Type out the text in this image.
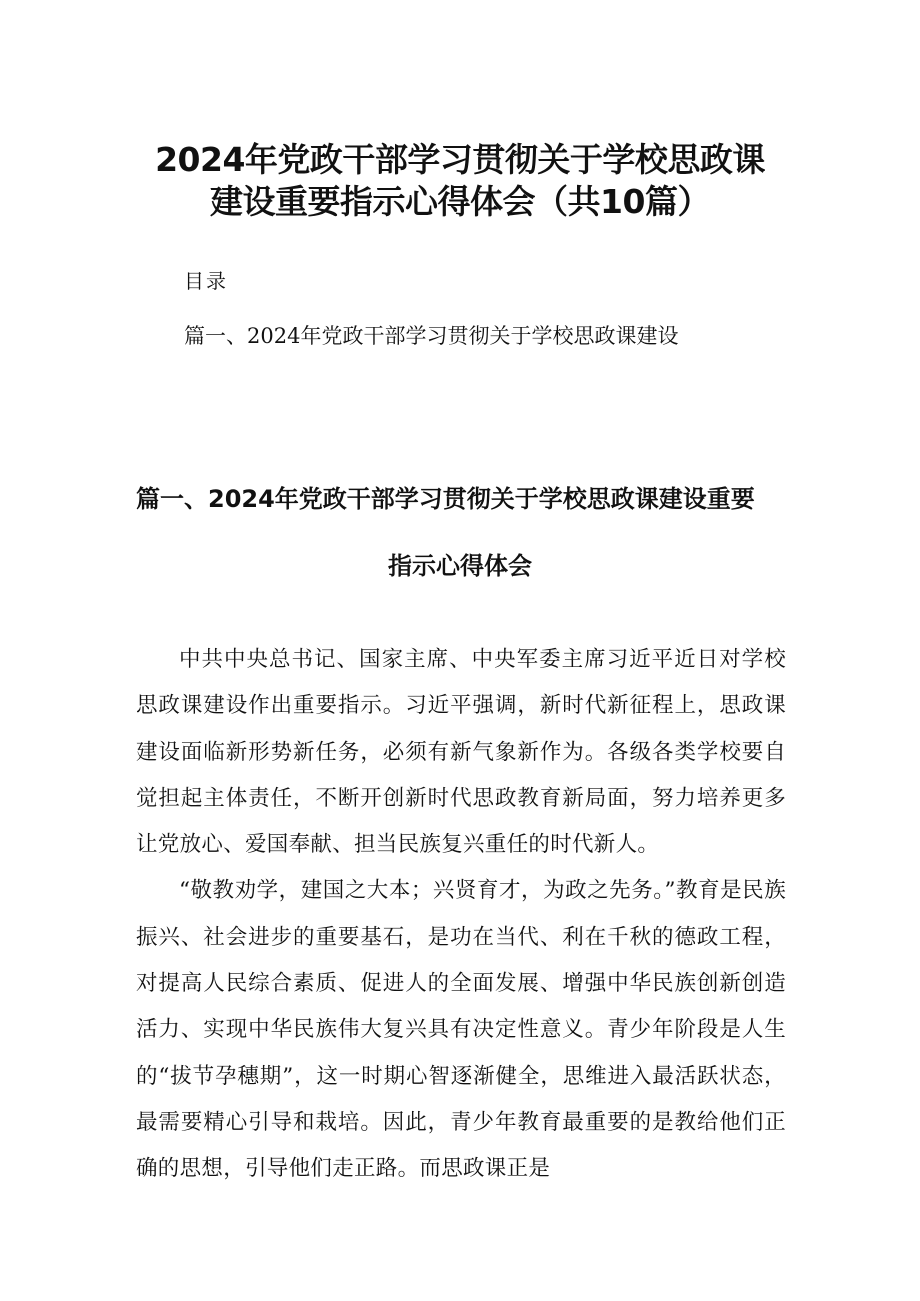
2024年党政干部学习贯彻关于学校思政课
建设重要指示心得体会（共10篇）
目录
篇一、2024年党政干部学习贯彻关于学校思政课建设
篇一、2024年党政干部学习贯彻关于学校思政课建设重要
指示心得体会

中共中央总书记、国家主席、中央军委主席习近平近日对学校思政课建设作出重要指示。习近平强调，新时代新征程上，思政课建设面临新形势新任务，必须有新气象新作为。各级各类学校要自觉担起主体责任，不断开创新时代思政教育新局面，努力培养更多让党放心、爱国奉献、担当民族复兴重任的时代新人。

“敬教劝学，建国之大本；兴贤育才，为政之先务。”教育是民族振兴、社会进步的重要基石，是功在当代、利在千秋的德政工程，对提高人民综合素质、促进人的全面发展、增强中华民族创新创造活力、实现中华民族伟大复兴具有决定性意义。青少年阶段是人生的“拔节孕穗期”，这一时期心智逐渐健全，思维进入最活跃状态，最需要精心引导和栽培。因此，青少年教育最重要的是教给他们正确的思想，引导他们走正路。而思政课正是
